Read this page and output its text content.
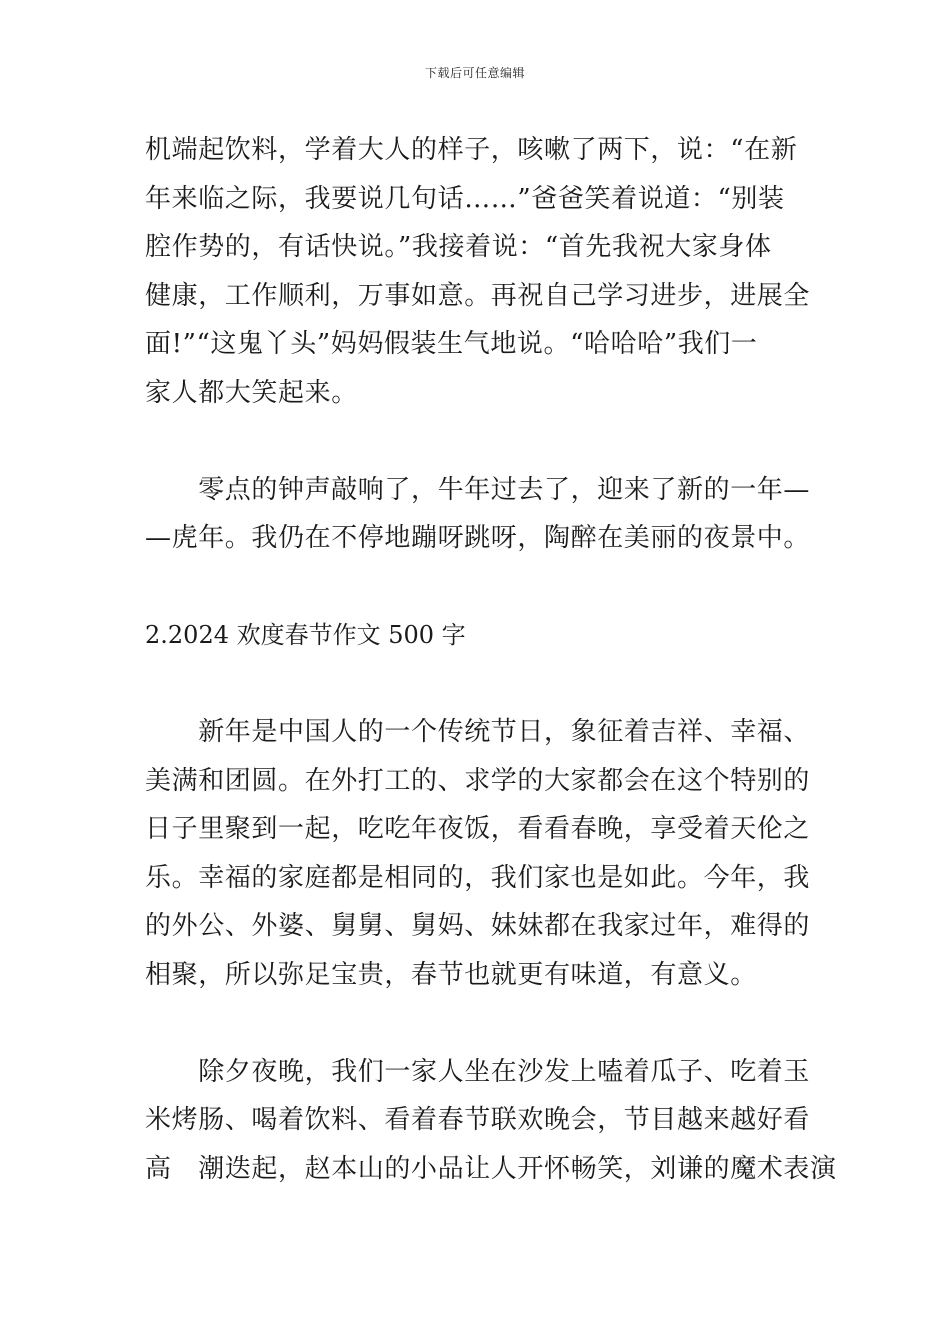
下载后可任意编辑
机端起饮料，学着大人的样子，咳嗽了两下，说：“在新
年来临之际，我要说几句话……”爸爸笑着说道：“别装
腔作势的，有话快说。”我接着说：“首先我祝大家身体
健康，工作顺利，万事如意。再祝自己学习进步，进展全
面!”“这鬼丫头”妈妈假装生气地说。“哈哈哈”我们一
家人都大笑起来。
　　零点的钟声敲响了，牛年过去了，迎来了新的一年—
—虎年。我仍在不停地蹦呀跳呀，陶醉在美丽的夜景中。
2.2024 欢度春节作文 500 字
　　新年是中国人的一个传统节日，象征着吉祥、幸福、
美满和团圆。在外打工的、求学的大家都会在这个特别的
日子里聚到一起，吃吃年夜饭，看看春晚，享受着天伦之
乐。幸福的家庭都是相同的，我们家也是如此。今年，我
的外公、外婆、舅舅、舅妈、妹妹都在我家过年，难得的
相聚，所以弥足宝贵，春节也就更有味道，有意义。
　　除夕夜晚，我们一家人坐在沙发上嗑着瓜子、吃着玉
米烤肠、喝着饮料、看着春节联欢晚会，节目越来越好看
高　潮迭起，赵本山的小品让人开怀畅笑，刘谦的魔术表演
